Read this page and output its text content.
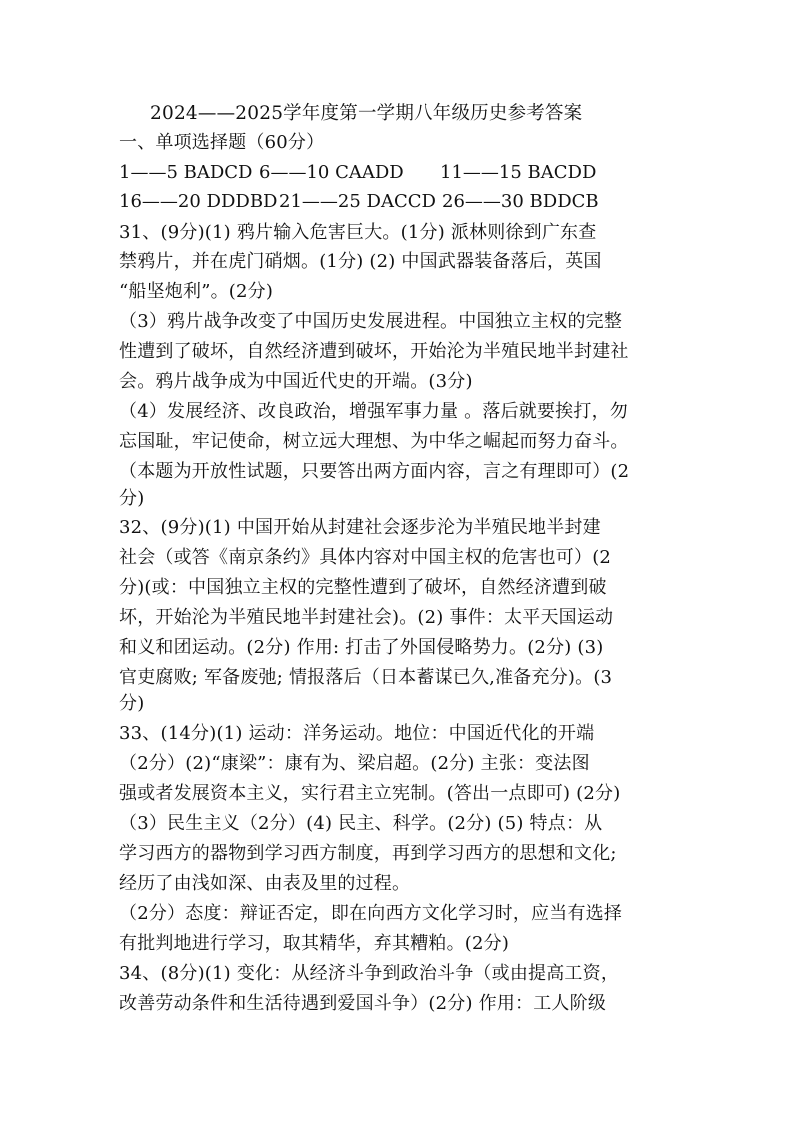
2024——2025学年度第一学期八年级历史参考答案
一、单项选择题（60分）
1——5 BADCD 6——10 CAADD 11——15 BACDD
16——20 DDDBD 21——25 DACCD 26——30 BDDCB
31、(9分)(1) 鸦片输入危害巨大。(1分) 派林则徐到广东查
禁鸦片，并在虎门硝烟。(1分) (2) 中国武器装备落后，英国
“船坚炮利”。(2分)
（3）鸦片战争改变了中国历史发展进程。中国独立主权的完整
性遭到了破坏，自然经济遭到破坏，开始沦为半殖民地半封建社
会。鸦片战争成为中国近代史的开端。(3分)
（4）发展经济、改良政治，增强军事力量 。落后就要挨打，勿
忘国耻，牢记使命，树立远大理想、为中华之崛起而努力奋斗。
（本题为开放性试题，只要答出两方面内容，言之有理即可）(2
分)
32、(9分)(1) 中国开始从封建社会逐步沦为半殖民地半封建
社会（或答《南京条约》具体内容对中国主权的危害也可）(2
分)(或：中国独立主权的完整性遭到了破坏，自然经济遭到破
坏，开始沦为半殖民地半封建社会)。(2) 事件：太平天国运动
和义和团运动。(2分) 作用: 打击了外国侵略势力。(2分) (3)
官吏腐败; 军备废弛; 情报落后（日本蓄谋已久,准备充分)。(3
分)
33、(14分)(1) 运动：洋务运动。地位：中国近代化的开端
（2分）(2)“康梁”：康有为、梁启超。(2分) 主张：变法图
强或者发展资本主义，实行君主立宪制。(答出一点即可) (2分)
（3）民生主义（2分）(4) 民主、科学。(2分) (5) 特点：从
学习西方的器物到学习西方制度，再到学习西方的思想和文化;
经历了由浅如深、由表及里的过程。
（2分）态度：辩证否定，即在向西方文化学习时，应当有选择
有批判地进行学习，取其精华，弃其糟粕。(2分)
34、(8分)(1) 变化：从经济斗争到政治斗争（或由提高工资，
改善劳动条件和生活待遇到爱国斗争）(2分) 作用：工人阶级
